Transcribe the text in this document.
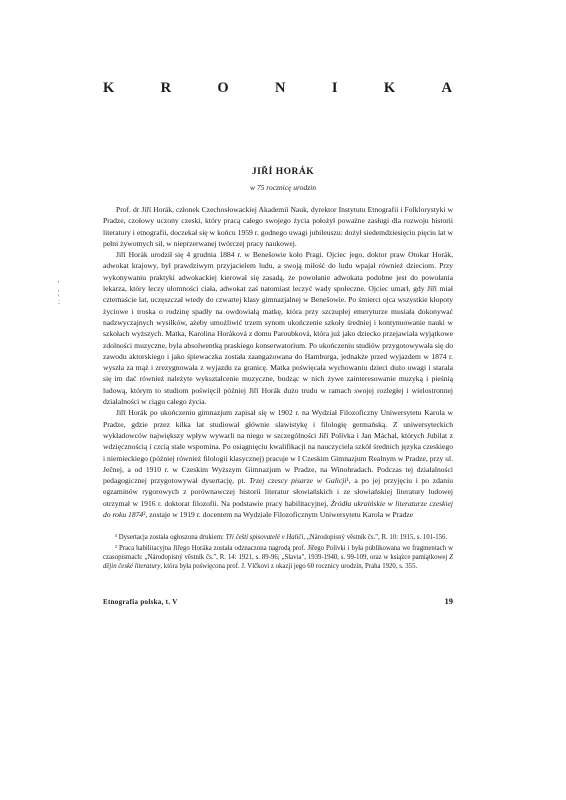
K	R	O	N	I	K	A
JIŘÍ HORÁK
w 75 rocznicę urodzin
'
¦
:

Prof. dr Jiří Horák, członek Czechosłowackiej Akademii Nauk, dyrektor Instytutu Etnografii i Folklorystyki w Pradze, czołowy uczony czeski, który pracą całego swojego życia położył poważne zasługi dla rozwoju historii literatury i etnografii, doczekał się w końcu 1959 r. godnego uwagi jubileuszu: dożył siedemdziesięciu pięciu lat w pełni żywotnych sił, w nieprzerwanej twórczej pracy naukowej.

Jiří Horák urodził się 4 grudnia 1884 r. w Benešowie koło Pragi. Ojciec jego, doktor praw Otokar Horák, adwokat krajowy, był prawdziwym przyjacielem ludu, a swoją miłość do ludu wpajał również dzieciom. Przy wykonywaniu praktyki adwokackiej kierował się zasadą, że powołanie adwokata podobne jest do powołania lekarza, który leczy ułomności ciała, adwokat zaś natomiast leczyć wady społeczne. Ojciec umarł, gdy Jiří miał czternaście lat, uczęszczał wtedy do czwartej klasy gimnazjalnej w Benešowie. Po śmierci ojca wszystkie kłopoty życiowe i troska o rodzinę spadły na owdowiałą matkę, która przy szczupłej emeryturze musiała dokonywać nadzwyczajnych wysiłków, ażeby umożliwić trzem synom ukończenie szkoły średniej i kontynuowanie nauki w szkołach wyższych. Matka, Karolina Horáková z domu Paroubková, która już jako dziecko przejawiała wyjątkowe zdolności muzyczne, była absolwentką praskiego konserwatorium. Po ukończeniu studiów przygotowywała się do zawodu aktorskiego i jako śpiewaczka została zaangażowana do Hamburga, jednakże przed wyjazdem w 1874 r. wyszła za mąż i zrezygnowała z wyjazdu za granicę. Matka poświęcała wychowaniu dzieci dużo uwagi i starała się im dać również należyte wykształcenie muzyczne, budząc w nich żywe zainteresowanie muzyką i pieśnią ludową, którym to studiom poświęcił później Jiří Horák dużo trudu w ramach swojej rozległej i wielostronnej działalności w ciągu całego życia.

Jiří Horák po ukończeniu gimnazjum zapisał się w 1902 r. na Wydział Filozoficzny Uniwersytetu Karola w Pradze, gdzie przez kilka lat studiował głównie slawistykę i filologię germańską. Z uniwersyteckich wykładowców największy wpływ wywarli na niego w szczególności Jiří Polívka i Jan Máchal, których Jubilat z wdzięcznością i czcią stale wspomina. Po osiągnięciu kwalifikacji na nauczyciela szkół średnich języka czeskiego i niemieckiego (później również filologii klasycznej) pracuje w I Czeskim Gimnazjum Realnym w Pradze, przy ul. Ječnej, a od 1910 r. w Czeskim Wyższym Gimnazjum w Pradze, na Winohradach. Podczas tej działalności pedagogicznej przygotowywał dysertację, pt. Trzej czescy pisarze w Galicji¹, a po jej przyjęciu i po zdaniu egzaminów rygorowych z porównawczej historii literatur słowiańskich i ze słowiańskiej literatury ludowej otrzymał w 1916 r. doktorat filozofii. Na podstawie pracy habilitacyjnej, Źródła ukraińskie w literaturze czeskiej do roku 1874², zostaje w 1919 r. docentem na Wydziale Filozoficznym Uniwersytetu Karola w Pradze

¹ Dysertacja została ogłoszona drukiem: Tři čeští spisovatelé v Haliči, „Národopisný věstník čs.", R. 10: 1915, s. 101-156.

² Praca habilitacyjna Jiřego Horáka została odznaczona nagrodą prof. Jiřego Polívki i była publikowana we fragmentach w czasopismach: „Národopisný věstník čs.", R. 14: 1921, s. 89-96; „Slavia", 1939-1940, s. 99-109, oraz w książce pamiątkowej Z dějin české literatury, która była poświęcona prof. J. Vlčkovi z okazji jego 60 rocznicy urodzin, Praha 1920, s. 355.

Etnografia polska, t. V	19
